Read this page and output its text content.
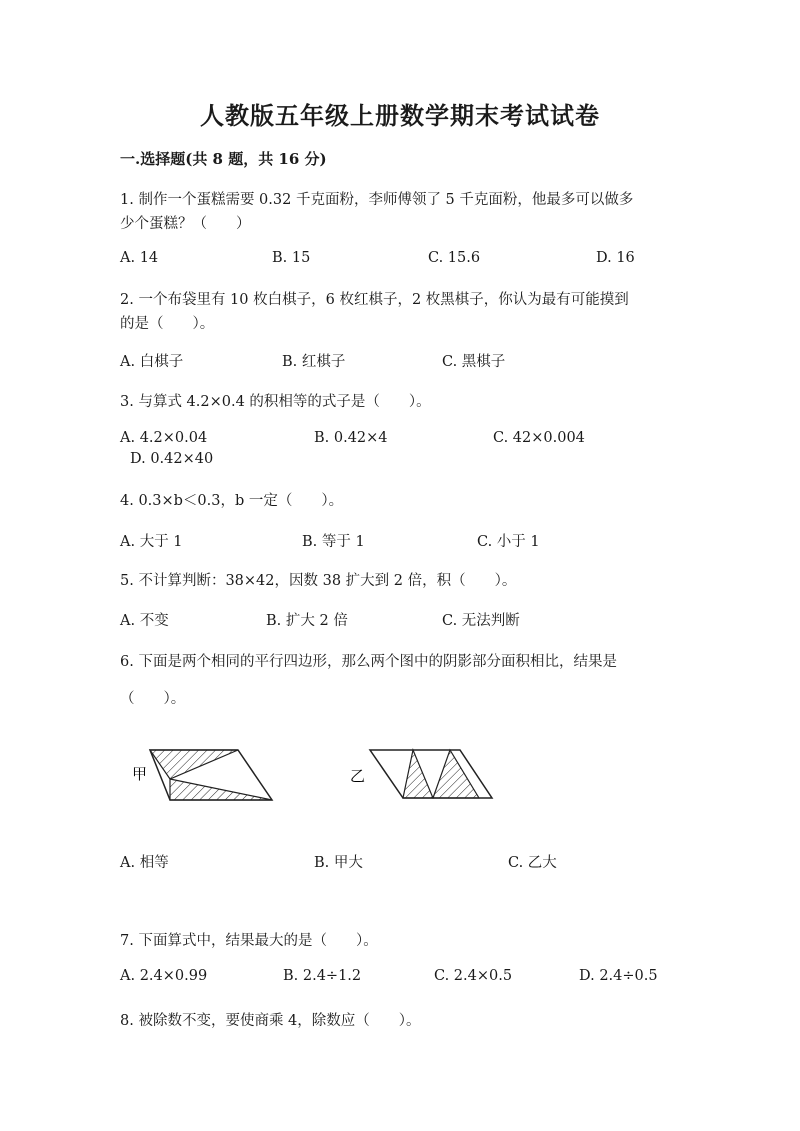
人教版五年级上册数学期末考试试卷
一.选择题(共 8 题，共 16 分)
1. 制作一个蛋糕需要 0.32 千克面粉，李师傅领了 5 千克面粉，他最多可以做多
少个蛋糕？（　　）
A. 14	B. 15	C. 15.6	D. 16
2. 一个布袋里有 10 枚白棋子，6 枚红棋子，2 枚黑棋子，你认为最有可能摸到
的是（　　）。
A. 白棋子	B. 红棋子	C. 黑棋子
3. 与算式 4.2×0.4 的积相等的式子是（　　）。
A. 4.2×0.04	B. 0.42×4	C. 42×0.004
D. 0.42×40
4. 0.3×b＜0.3，b 一定（　　）。
A. 大于 1	B. 等于 1	C. 小于 1
5. 不计算判断：38×42，因数 38 扩大到 2 倍，积（　　）。
A. 不变	B. 扩大 2 倍	C. 无法判断
6. 下面是两个相同的平行四边形，那么两个图中的阴影部分面积相比，结果是
（　　）。
甲	乙
A. 相等	B. 甲大	C. 乙大
7. 下面算式中，结果最大的是（　　）。
A. 2.4×0.99	B. 2.4÷1.2	C. 2.4×0.5	D. 2.4÷0.5
8. 被除数不变，要使商乘 4，除数应（　　）。
